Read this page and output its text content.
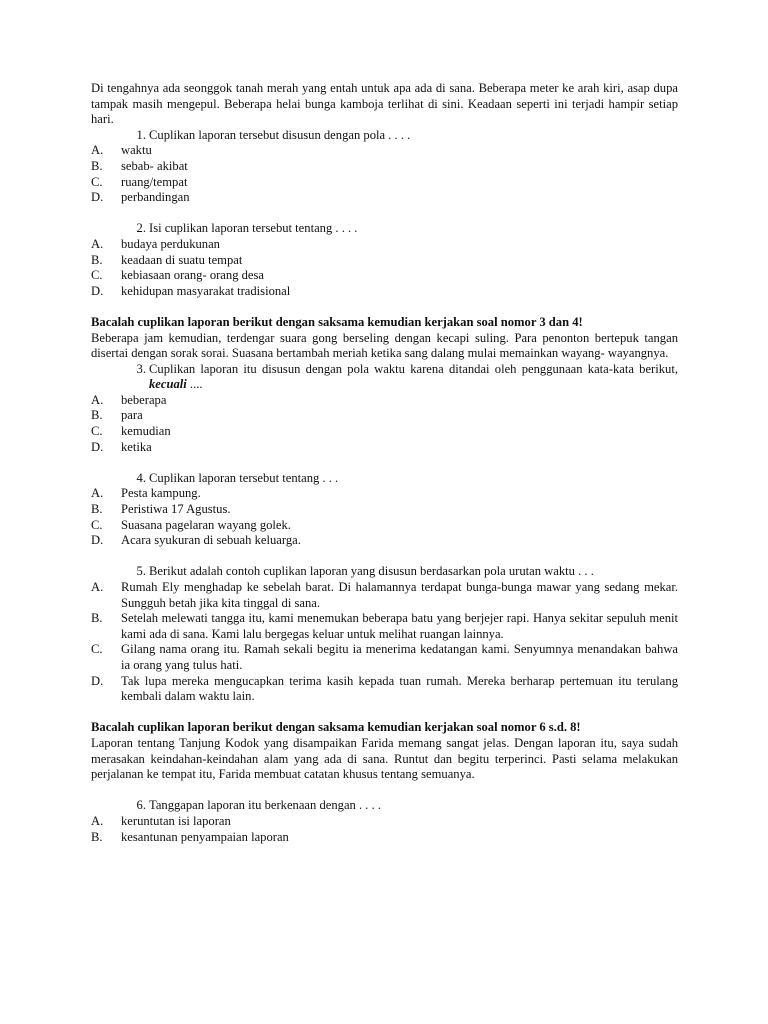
Di tengahnya ada seonggok tanah merah yang entah untuk apa ada di sana. Beberapa meter ke arah kiri, asap dupa tampak masih mengepul. Beberapa helai bunga kamboja terlihat di sini. Keadaan seperti ini terjadi hampir setiap hari.

1. Cuplikan laporan tersebut disusun dengan pola . . . .
A.	waktu
B.	sebab- akibat
C.	ruang/tempat
D.	perbandingan
2. Isi cuplikan laporan tersebut tentang . . . .
A.	budaya perdukunan
B.	keadaan di suatu tempat
C.	kebiasaan orang- orang desa
D.	kehidupan masyarakat tradisional

Bacalah cuplikan laporan berikut dengan saksama kemudian kerjakan soal nomor 3 dan 4!

Beberapa jam kemudian, terdengar suara gong berseling dengan kecapi suling. Para penonton bertepuk tangan disertai dengan sorak sorai. Suasana bertambah meriah ketika sang dalang mulai memainkan wayang- wayangnya.

3. Cuplikan laporan itu disusun dengan pola waktu karena ditandai oleh penggunaan kata-kata berikut, kecuali ....
A.	beberapa
B.	para
C.	kemudian
D.	ketika
4. Cuplikan laporan tersebut tentang . . .
A.	Pesta kampung.
B.	Peristiwa 17 Agustus.
C.	Suasana pagelaran wayang golek.
D.	Acara syukuran di sebuah keluarga.
5. Berikut adalah contoh cuplikan laporan yang disusun berdasarkan pola urutan waktu . . .
A.	Rumah Ely menghadap ke sebelah barat. Di halamannya terdapat bunga-bunga mawar yang sedang mekar. Sungguh betah jika kita tinggal di sana.
B.	Setelah melewati tangga itu, kami menemukan beberapa batu yang berjejer rapi. Hanya sekitar sepuluh menit kami ada di sana. Kami lalu bergegas keluar untuk melihat ruangan lainnya.
C.	Gilang nama orang itu. Ramah sekali begitu ia menerima kedatangan kami. Senyumnya menandakan bahwa ia orang yang tulus hati.
D.	Tak lupa mereka mengucapkan terima kasih kepada tuan rumah. Mereka berharap pertemuan itu terulang kembali dalam waktu lain.

Bacalah cuplikan laporan berikut dengan saksama kemudian kerjakan soal nomor 6 s.d. 8!

Laporan tentang Tanjung Kodok yang disampaikan Farida memang sangat jelas. Dengan laporan itu, saya sudah merasakan keindahan-keindahan alam yang ada di sana. Runtut dan begitu terperinci. Pasti selama melakukan perjalanan ke tempat itu, Farida membuat catatan khusus tentang semuanya.

6. Tanggapan laporan itu berkenaan dengan . . . .
A.	keruntutan isi laporan
B.	kesantunan penyampaian laporan
